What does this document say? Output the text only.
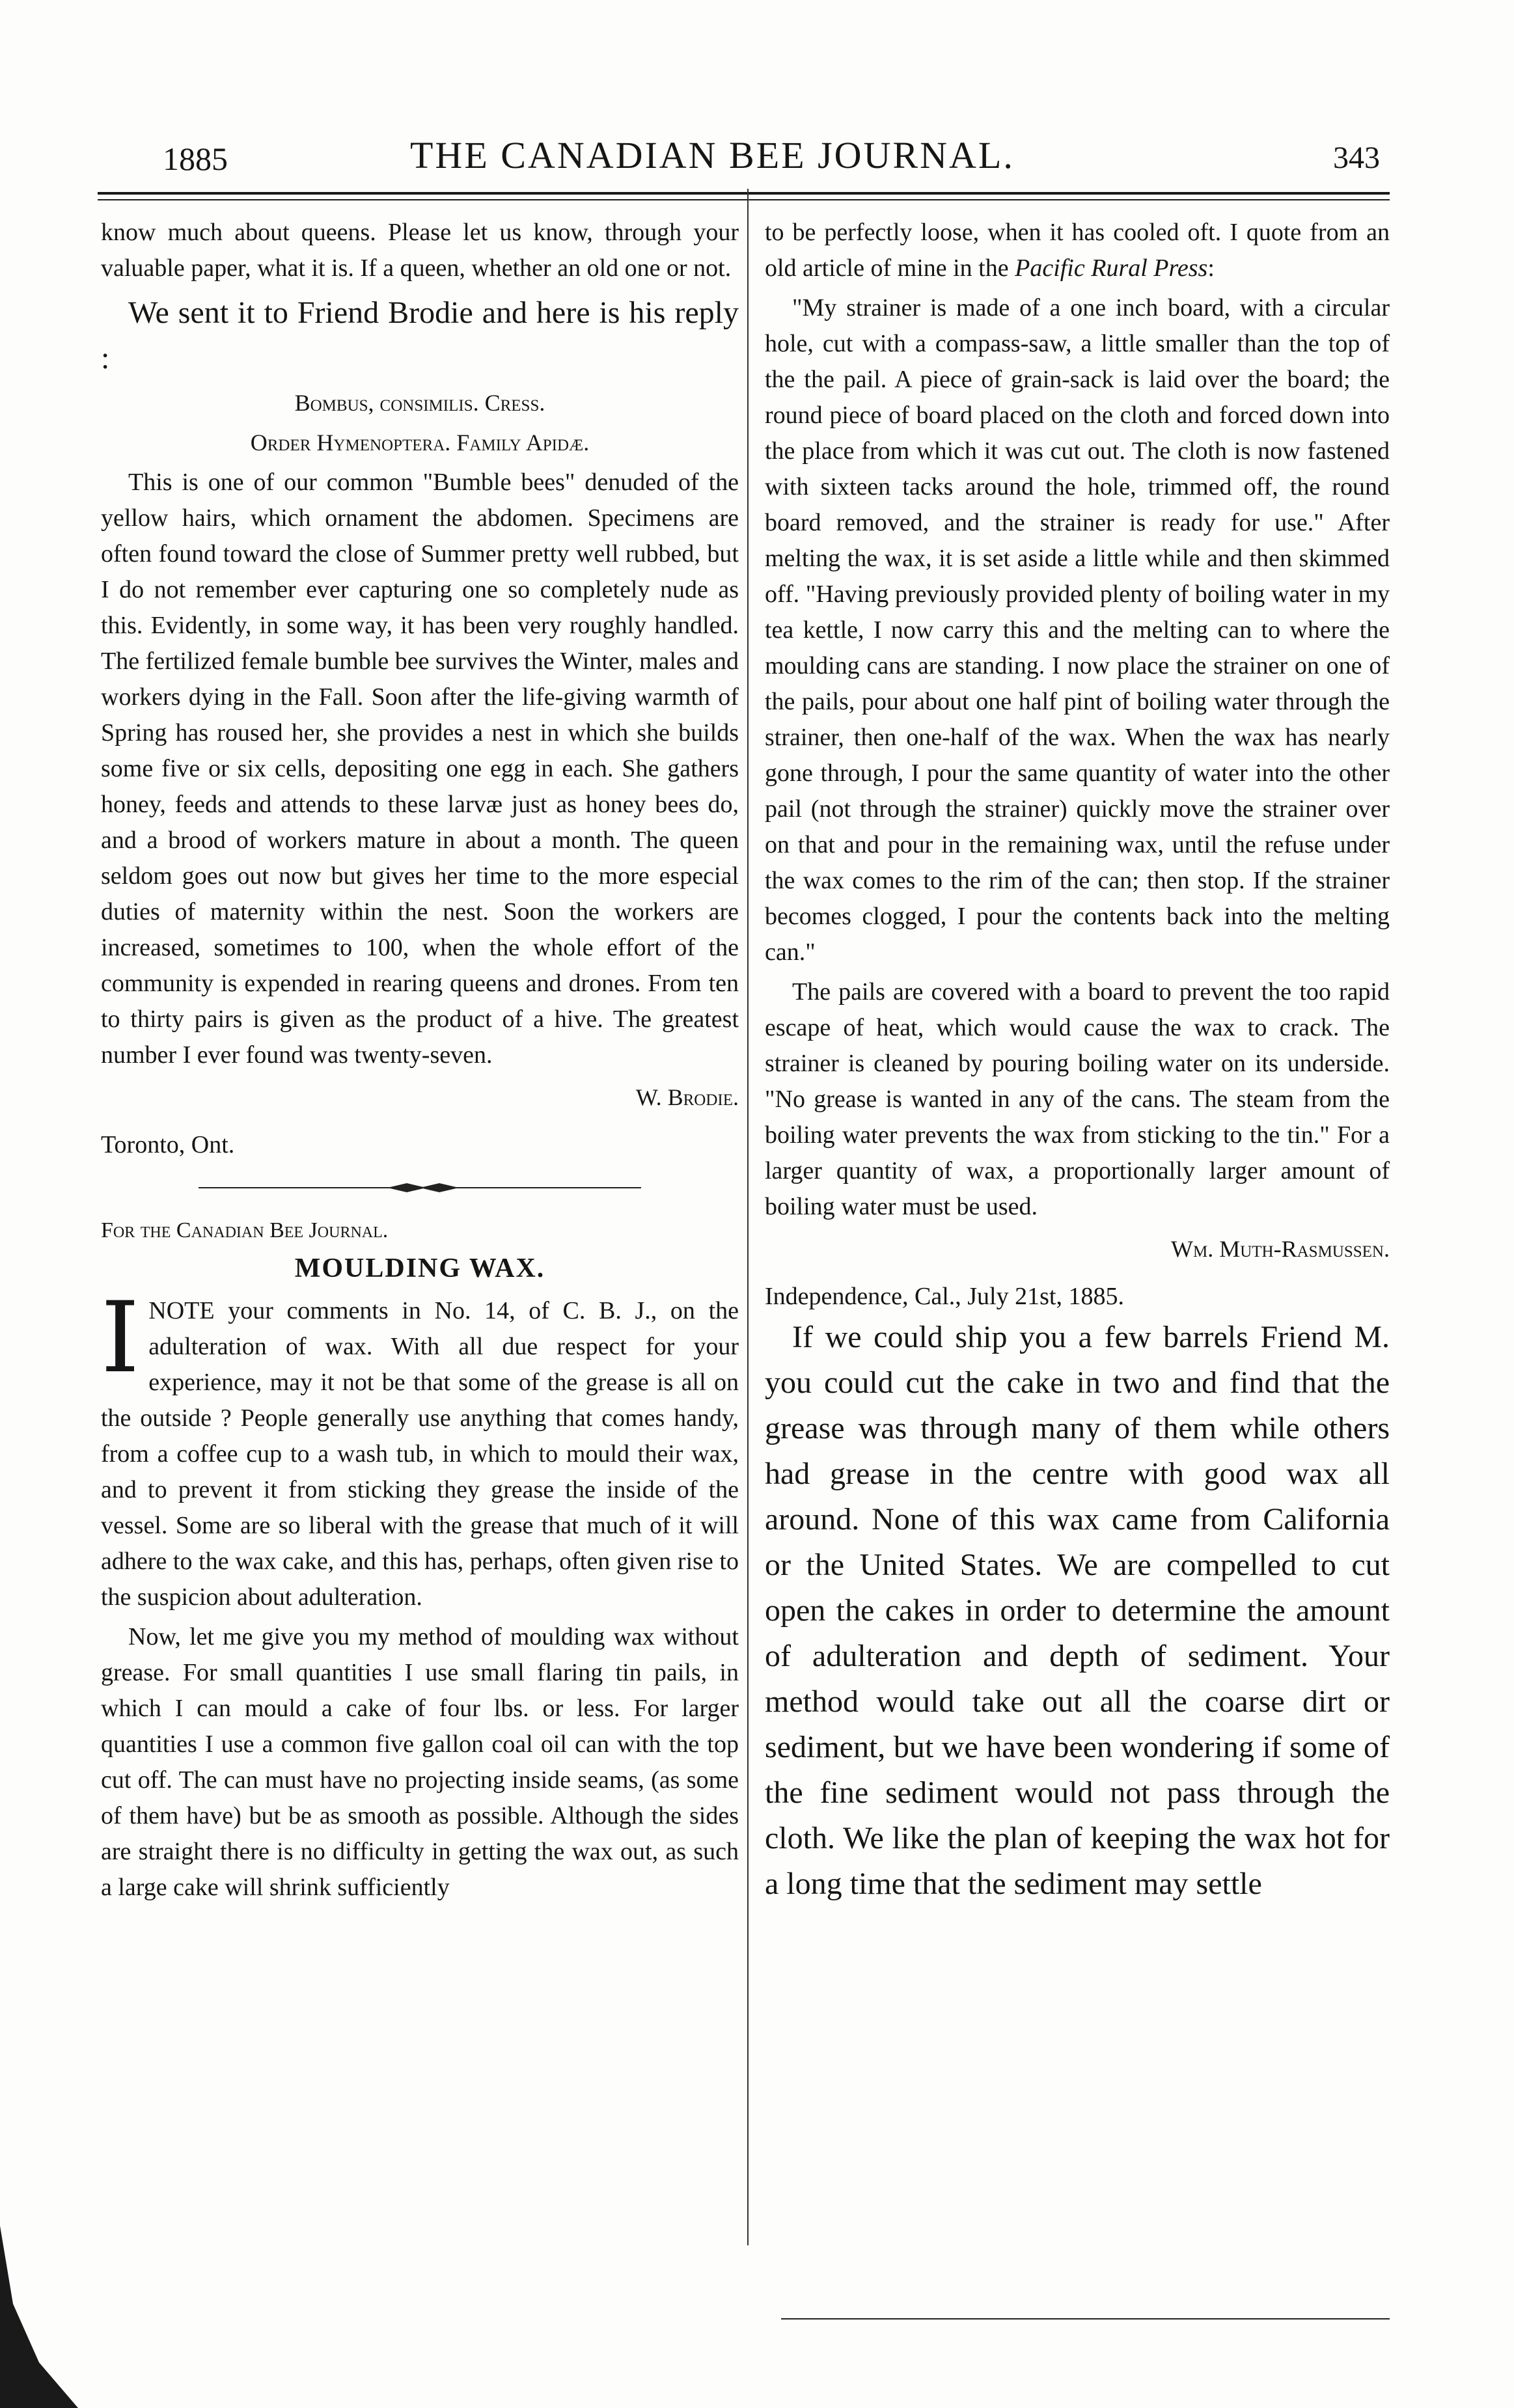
1885	THE CANADIAN BEE JOURNAL.	343

know much about queens. Please let us know, through your valuable paper, what it is. If a queen, whether an old one or not.

We sent it to Friend Brodie and here is his reply :

Bombus, consimilis. Cress.

Order Hymenoptera. Family Apidæ.

This is one of our common "Bumble bees" denuded of the yellow hairs, which ornament the abdomen. Specimens are often found toward the close of Summer pretty well rubbed, but I do not remember ever capturing one so completely nude as this. Evidently, in some way, it has been very roughly handled. The fertilized female bumble bee survives the Winter, males and workers dying in the Fall. Soon after the life-giving warmth of Spring has roused her, she provides a nest in which she builds some five or six cells, depositing one egg in each. She gathers honey, feeds and attends to these larvæ just as honey bees do, and a brood of workers mature in about a month. The queen seldom goes out now but gives her time to the more especial duties of maternity within the nest. Soon the workers are increased, sometimes to 100, when the whole effort of the community is expended in rearing queens and drones. From ten to thirty pairs is given as the product of a hive. The greatest number I ever found was twenty-seven.

W. Brodie.

Toronto, Ont.

For the Canadian Bee Journal.

MOULDING WAX.

INOTE your comments in No. 14, of C. B. J., on the adulteration of wax. With all due respect for your experience, may it not be that some of the grease is all on the outside ? People generally use anything that comes handy, from a coffee cup to a wash tub, in which to mould their wax, and to prevent it from sticking they grease the inside of the vessel. Some are so liberal with the grease that much of it will adhere to the wax cake, and this has, perhaps, often given rise to the suspicion about adulteration.

Now, let me give you my method of moulding wax without grease. For small quantities I use small flaring tin pails, in which I can mould a cake of four lbs. or less. For larger quantities I use a common five gallon coal oil can with the top cut off. The can must have no projecting inside seams, (as some of them have) but be as smooth as possible. Although the sides are straight there is no difficulty in getting the wax out, as such a large cake will shrink sufficiently

to be perfectly loose, when it has cooled oft. I quote from an old article of mine in the Pacific Rural Press:

"My strainer is made of a one inch board, with a circular hole, cut with a compass-saw, a little smaller than the top of the the pail. A piece of grain-sack is laid over the board; the round piece of board placed on the cloth and forced down into the place from which it was cut out. The cloth is now fastened with sixteen tacks around the hole, trimmed off, the round board removed, and the strainer is ready for use." After melting the wax, it is set aside a little while and then skimmed off. "Having previously provided plenty of boiling water in my tea kettle, I now carry this and the melting can to where the moulding cans are standing. I now place the strainer on one of the pails, pour about one half pint of boiling water through the strainer, then one-half of the wax. When the wax has nearly gone through, I pour the same quantity of water into the other pail (not through the strainer) quickly move the strainer over on that and pour in the remaining wax, until the refuse under the wax comes to the rim of the can; then stop. If the strainer becomes clogged, I pour the contents back into the melting can."

The pails are covered with a board to prevent the too rapid escape of heat, which would cause the wax to crack. The strainer is cleaned by pouring boiling water on its underside. "No grease is wanted in any of the cans. The steam from the boiling water prevents the wax from sticking to the tin." For a larger quantity of wax, a proportionally larger amount of boiling water must be used.

Wm. Muth-Rasmussen.

Independence, Cal., July 21st, 1885.

If we could ship you a few barrels Friend M. you could cut the cake in two and find that the grease was through many of them while others had grease in the centre with good wax all around. None of this wax came from California or the United States. We are compelled to cut open the cakes in order to determine the amount of adulteration and depth of sediment. Your method would take out all the coarse dirt or sediment, but we have been wondering if some of the fine sediment would not pass through the cloth. We like the plan of keeping the wax hot for a long time that the sediment may settle
